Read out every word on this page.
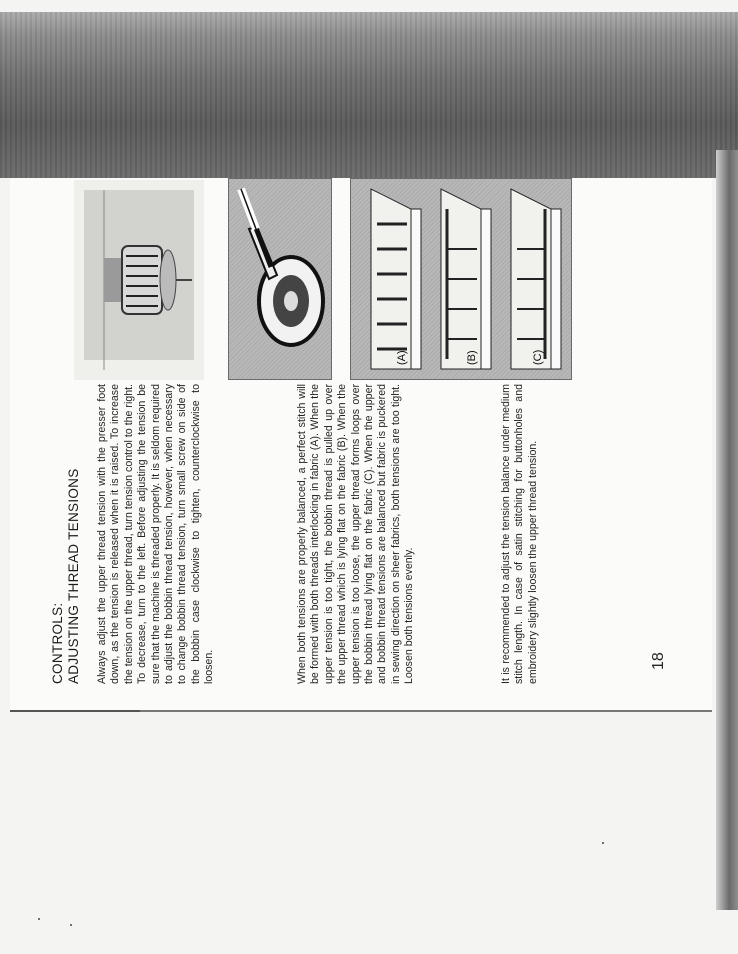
CONTROLS: ADJUSTING THREAD TENSIONS Always adjust the upper thread tension with the presser foot down, as the tension is released when it is raised. To increase the tension on the upper thread, turn tension control to the right. To decrease, turn to the left. Before adjusting the tension be sure that the machine is threaded properly. It is seldom required to adjust the bobbin thread tension, however, when necessary to change bobbin thread tension, turn small screw on side of the bobbin case clockwise to tighten, counterclockwise to loosen.	When both tensions are properly balanced, a perfect stitch will be formed with both threads interlocking in fabric (A). When the upper tension is too tight, the bobbin thread is pulled up over the upper thread which is lying flat on the fabric (B). When the upper tension is too loose, the upper thread forms loops over the bobbin thread lying flat on the fabric (C). When the upper and bobbin thread tensions are balanced but fabric is puckered in sewing direction on sheer fabrics, both tensions are too tight. Loosen both tensions evenly.	It is recommended to adjust the tension balance under medium stitch length. In case of satin stitching for buttonholes and embroidery slightly loosen the upper thread tension.	18
(A)	(B)	(C)
